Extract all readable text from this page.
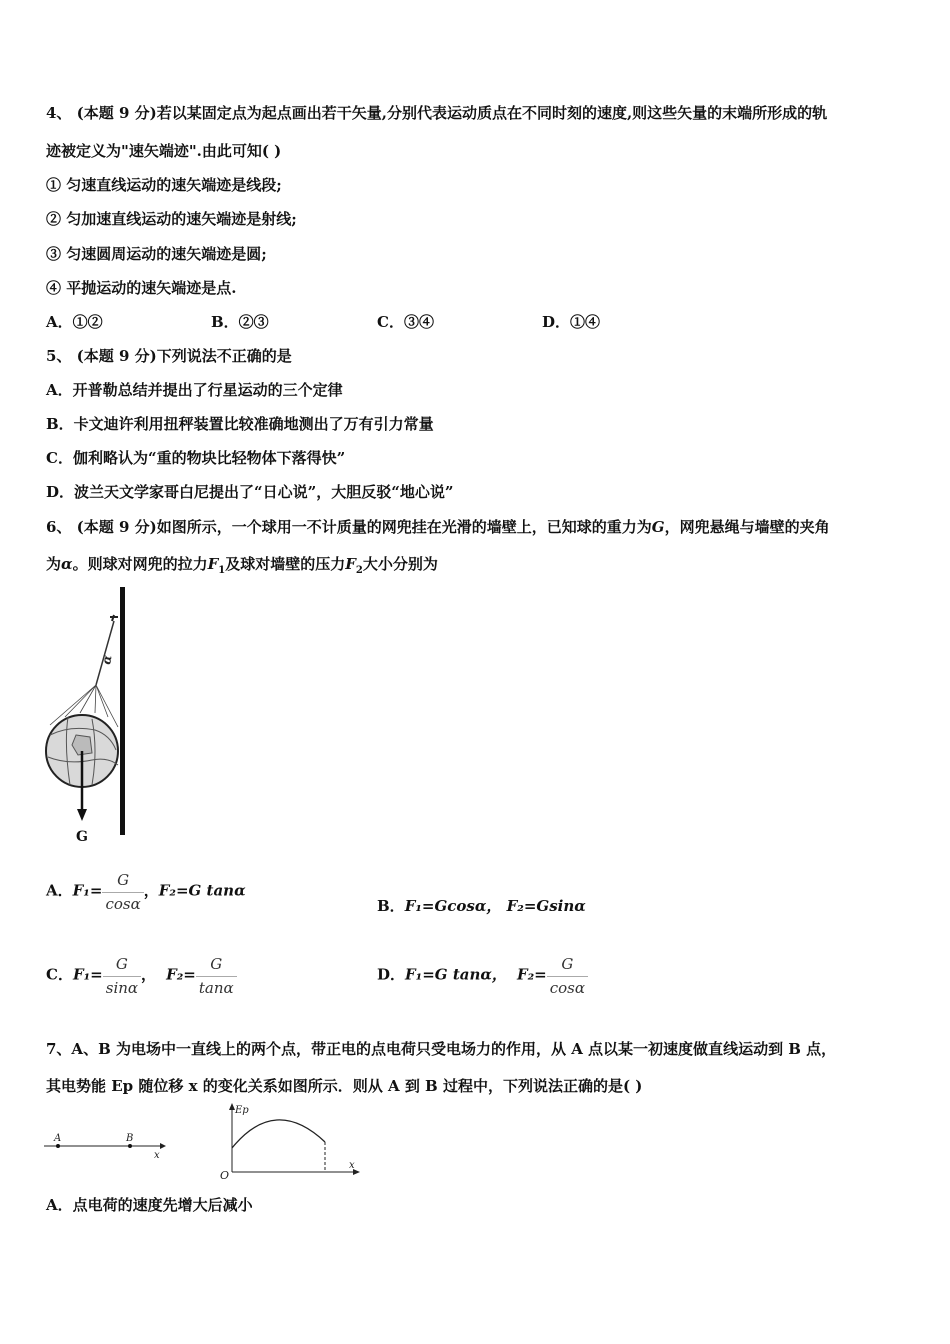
4、 (本题 9 分)若以某固定点为起点画出若干矢量,分别代表运动质点在不同时刻的速度,则这些矢量的末端所形成的轨
迹被定义为"速矢端迹".由此可知( )
① 匀速直线运动的速矢端迹是线段;
② 匀加速直线运动的速矢端迹是射线;
③ 匀速圆周运动的速矢端迹是圆;
④ 平抛运动的速矢端迹是点.
A．①②	B．②③	C．③④	D．①④
5、 (本题 9 分)下列说法不正确的是
A．开普勒总结并提出了行星运动的三个定律
B．卡文迪许利用扭秤装置比较准确地测出了万有引力常量
C．伽利略认为“重的物块比轻物体下落得快”
D．波兰天文学家哥白尼提出了“日心说”，大胆反驳“地心说”
6、 (本题 9 分)如图所示，一个球用一不计质量的网兜挂在光滑的墙壁上，已知球的重力为G，网兜悬绳与墙壁的夹角
为α。则球对网兜的拉力$F_1$及球对墙壁的压力$F_2$大小分别为
α
G
A．$F_1= \frac{G}{\cos\alpha}$ ，F₂=G tanα
B．F₁=Gcosα， F₂=Gsinα
C．$F_1= \frac{G}{\sin\alpha}$ ， $F_2= \frac{G}{\tan\alpha}$	D．F₁=G tanα， $F_2= \frac{G}{\cos\alpha}$
7、A、B 为电场中一直线上的两个点，带正电的点电荷只受电场力的作用，从 A 点以某一初速度做直线运动到 B 点，
其电势能 Ep 随位移 x 的变化关系如图所示．则从 A 到 B 过程中，下列说法正确的是( )
A	B
x
Ep
O
x
A．点电荷的速度先增大后减小
